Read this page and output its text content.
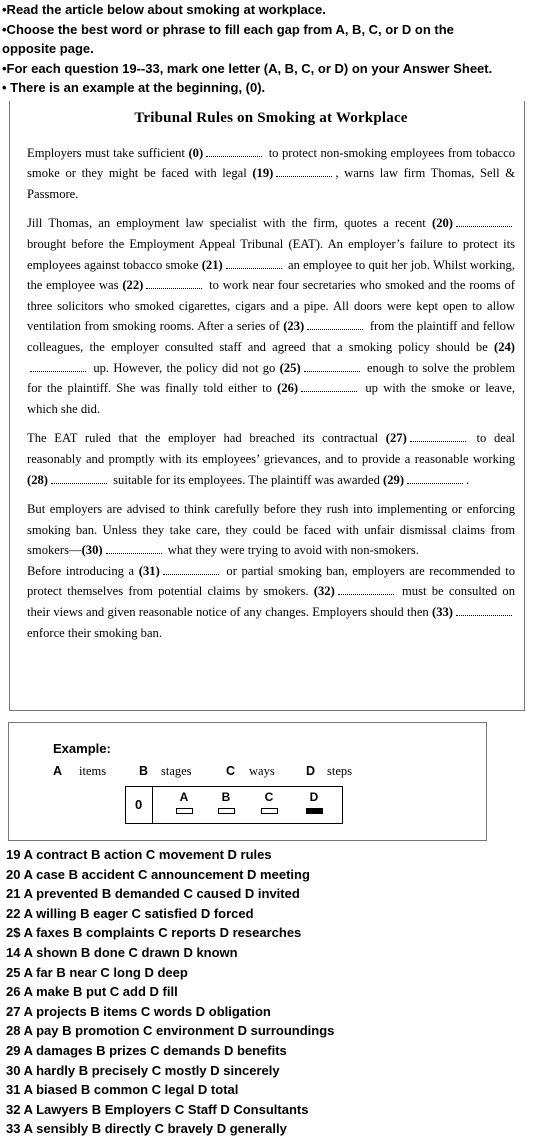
•Read the article below about smoking at workplace.
•Choose the best word or phrase to fill each gap from A, B, C, or D on the
opposite page.
•For each question 19--33, mark one letter (A, B, C, or D) on your Answer Sheet.
• There is an example at the beginning, (0).
Tribunal Rules on Smoking at Workplace

Employers must take sufficient (0)	to protect non-smoking employees from tobacco smoke or they might be faced with legal (19)	, warns law firm Thomas, Sell & Passmore.

Jill Thomas, an employment law specialist with the firm, quotes a recent (20) brought before the Employment Appeal Tribunal (EAT). An employer’s failure to protect its employees against tobacco smoke (21)	an employee to quit her job. Whilst working, the employee was (22)	to work near four secretaries who smoked and the rooms of three solicitors who smoked cigarettes, cigars and a pipe. All doors were kept open to allow ventilation from smoking rooms. After a series of (23)	from the plaintiff and fellow colleagues, the employer consulted staff and agreed that a smoking policy should be (24) up. However, the policy did not go (25)	enough to solve the problem for the plaintiff. She was finally told either to (26)	up with the smoke or leave, which she did.

The EAT ruled that the employer had breached its contractual (27)	to deal reasonably and promptly with its employees’ grievances, and to provide a reasonable working (28)	suitable for its employees. The plaintiff was awarded (29)	.

But employers are advised to think carefully before they rush into implementing or enforcing smoking ban. Unless they take care, they could be faced with unfair dismissal claims from smokers—(30)	what they were trying to avoid with non-smokers.

Before introducing a (31)	or partial smoking ban, employers are recommended to protect themselves from potential claims by smokers. (32)	must be consulted on their views and given reasonable notice of any changes. Employers should then (33) enforce their smoking ban.

Example:
A items	B stages	C ways	D steps
0	A	B	C	D
19 A contract B action C movement D rules
20 A case B accident C announcement D meeting
21 A prevented B demanded C caused D invited
22 A willing B eager C satisfied D forced
2$ A faxes B complaints C reports D researches
14 A shown B done C drawn D known
25 A far B near C long D deep
26 A make B put C add D fill
27 A projects B items C words D obligation
28 A pay B promotion C environment D surroundings
29 A damages B prizes C demands D benefits
30 A hardly B precisely C mostly D sincerely
31 A biased B common C legal D total
32 A Lawyers B Employers C Staff D Consultants
33 A sensibly B directly C bravely D generally
